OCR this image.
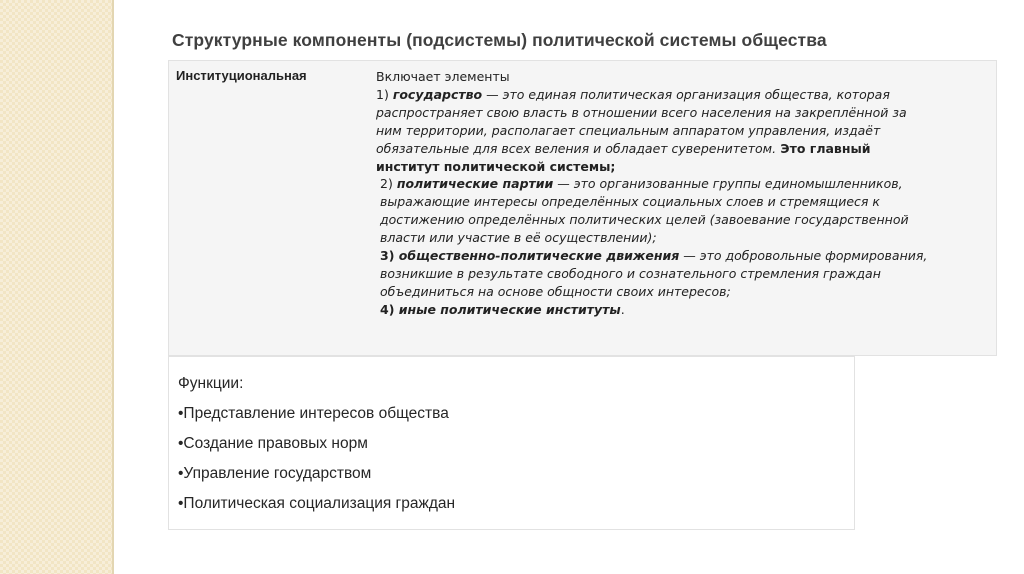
Структурные компоненты (подсистемы) политической системы общества
Институциональная	Включает элементы
1) государство — это единая политическая организация общества, которая
распространяет свою власть в отношении всего населения на закреплённой за
ним территории, располагает специальным аппаратом управления, издаёт
обязательные для всех веления и обладает суверенитетом. Это главный
институт политической системы;
2) политические партии — это организованные группы единомышленников,
выражающие интересы определённых социальных слоев и стремящиеся к
достижению определённых политических целей (завоевание государственной
власти или участие в её осуществлении);
3) общественно-политические движения — это добровольные формирования,
возникшие в результате свободного и сознательного стремления граждан
объединиться на основе общности своих интересов;
4) иные политические институты.
Функции:
•Представление интересов общества
•Создание правовых норм
•Управление государством
•Политическая социализация граждан
